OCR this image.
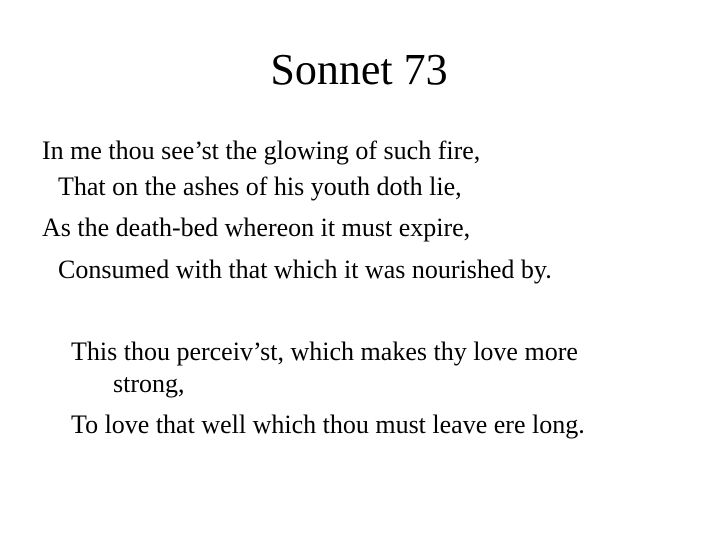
Sonnet 73
In me thou see’st the glowing of such fire,
That on the ashes of his youth doth lie,
As the death-bed whereon it must expire,
Consumed with that which it was nourished by.
This thou perceiv’st, which makes thy love more
strong,
To love that well which thou must leave ere long.
